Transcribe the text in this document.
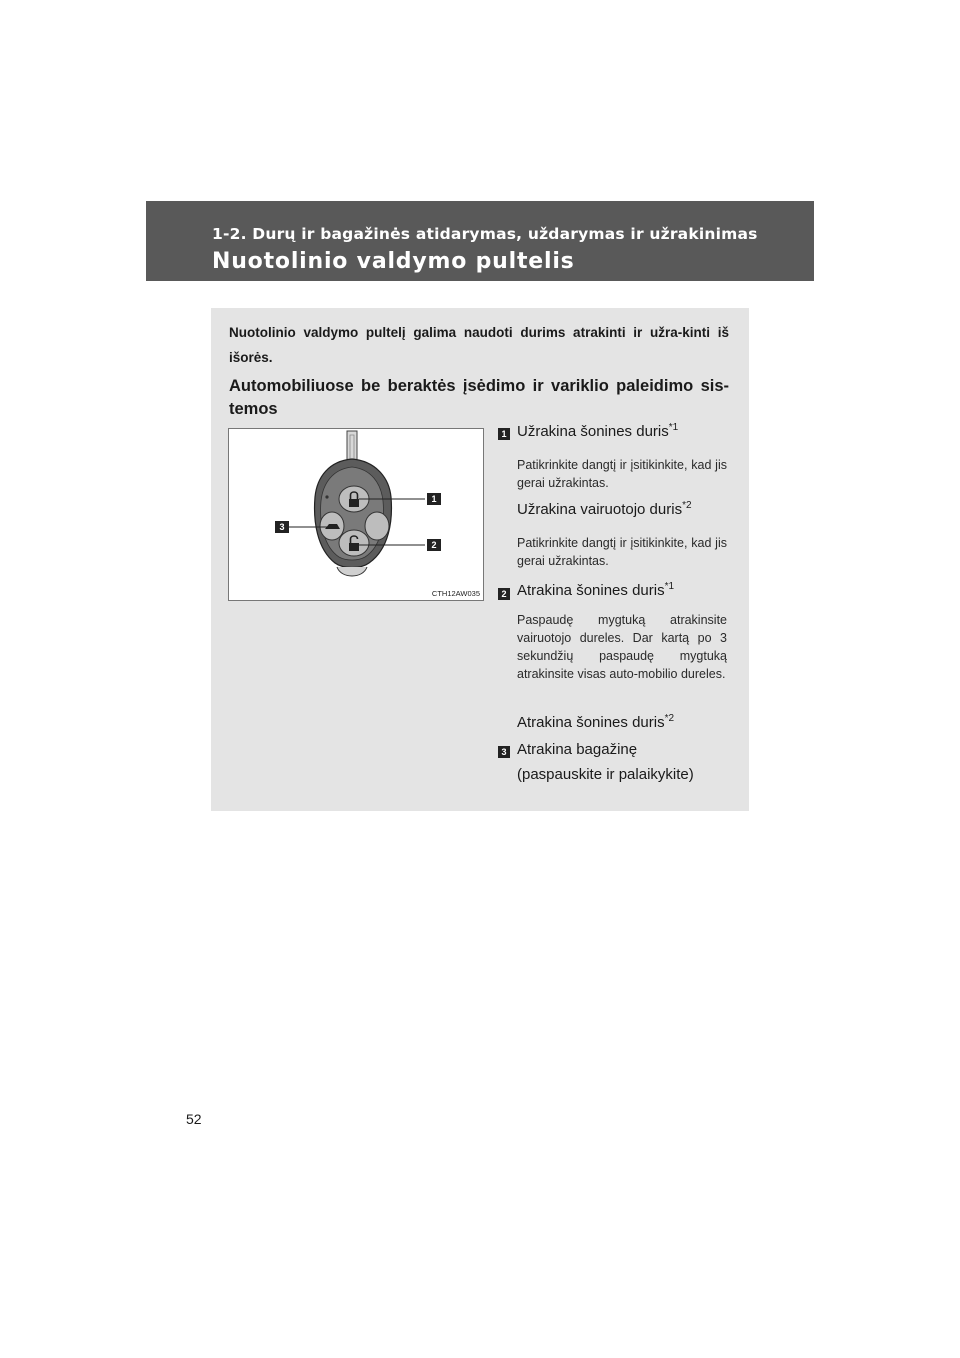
1-2. Durų ir bagažinės atidarymas, uždarymas ir užrakinimas
Nuotolinio valdymo pultelis
Nuotolinio valdymo pultelį galima naudoti durims atrakinti ir užra-kinti iš išorės.
Automobiliuose be beraktės įsėdimo ir variklio paleidimo sis-temos
1
2
3
CTH12AW035
1 Užrakina šonines duris$^{*1}$
Patikrinkite dangtį ir įsitikinkite, kad jis gerai užrakintas.
Užrakina vairuotojo duris$^{*2}$
Patikrinkite dangtį ir įsitikinkite, kad jis gerai užrakintas.
2 Atrakina šonines duris$^{*1}$
Paspaudę mygtuką atrakinsite vairuotojo dureles. Dar kartą po 3 sekundžių paspaudę mygtuką atrakinsite visas auto-mobilio dureles.
Atrakina šonines duris$^{*2}$
3 Atrakina bagažinę
(paspauskite ir palaikykite)
52
